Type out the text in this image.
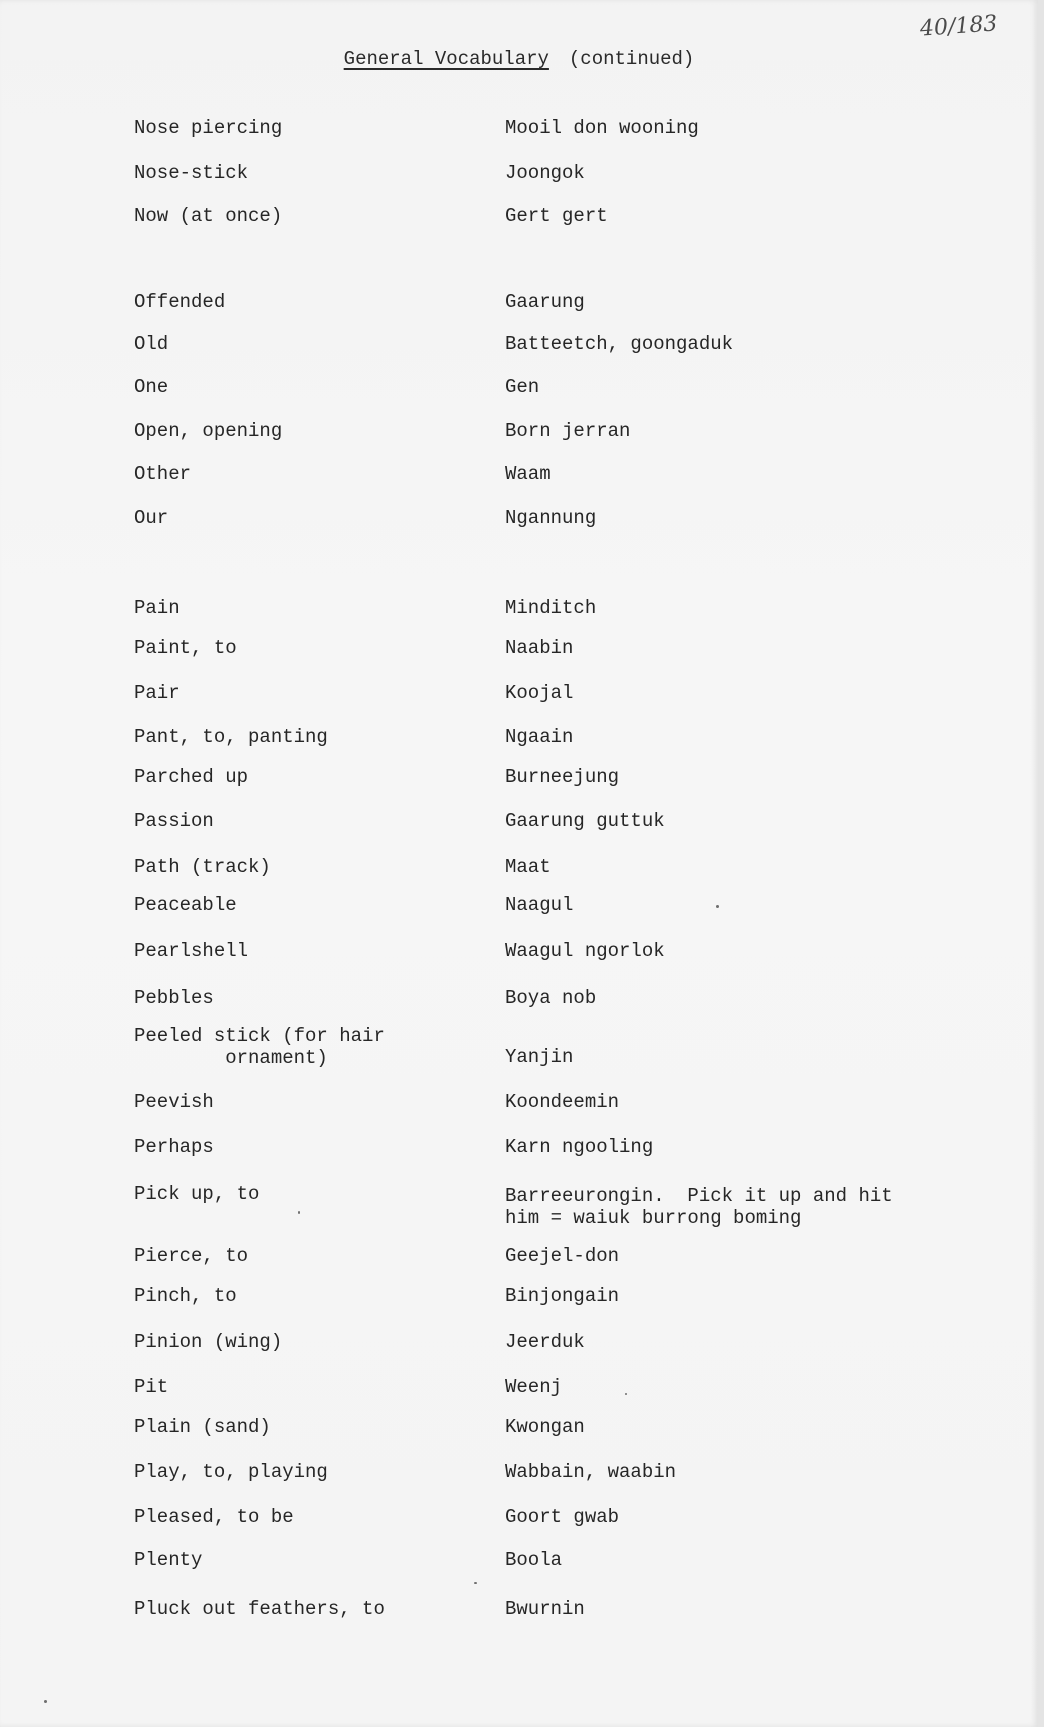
40/183
General Vocabulary (continued)
Nose piercing	Mooil don wooning
Nose-stick	Joongok
Now (at once)	Gert gert
Offended	Gaarung
Old	Batteetch, goongaduk
One	Gen
Open, opening	Born jerran
Other	Waam
Our	Ngannung
Pain	Minditch
Paint, to	Naabin
Pair	Koojal
Pant, to, panting	Ngaain
Parched up	Burneejung
Passion	Gaarung guttuk
Path (track)	Maat
Peaceable	Naagul
Pearlshell	Waagul ngorlok
Pebbles	Boya nob
Peeled stick (for hair
ornament)	Yanjin
Peevish	Koondeemin
Perhaps	Karn ngooling
Pick up, to	Barreeurongin.  Pick it up and hit
him = waiuk burrong boming
Pierce, to	Geejel-don
Pinch, to	Binjongain
Pinion (wing)	Jeerduk
Pit	Weenj
Plain (sand)	Kwongan
Play, to, playing	Wabbain, waabin
Pleased, to be	Goort gwab
Plenty	Boola
Pluck out feathers, to	Bwurnin
